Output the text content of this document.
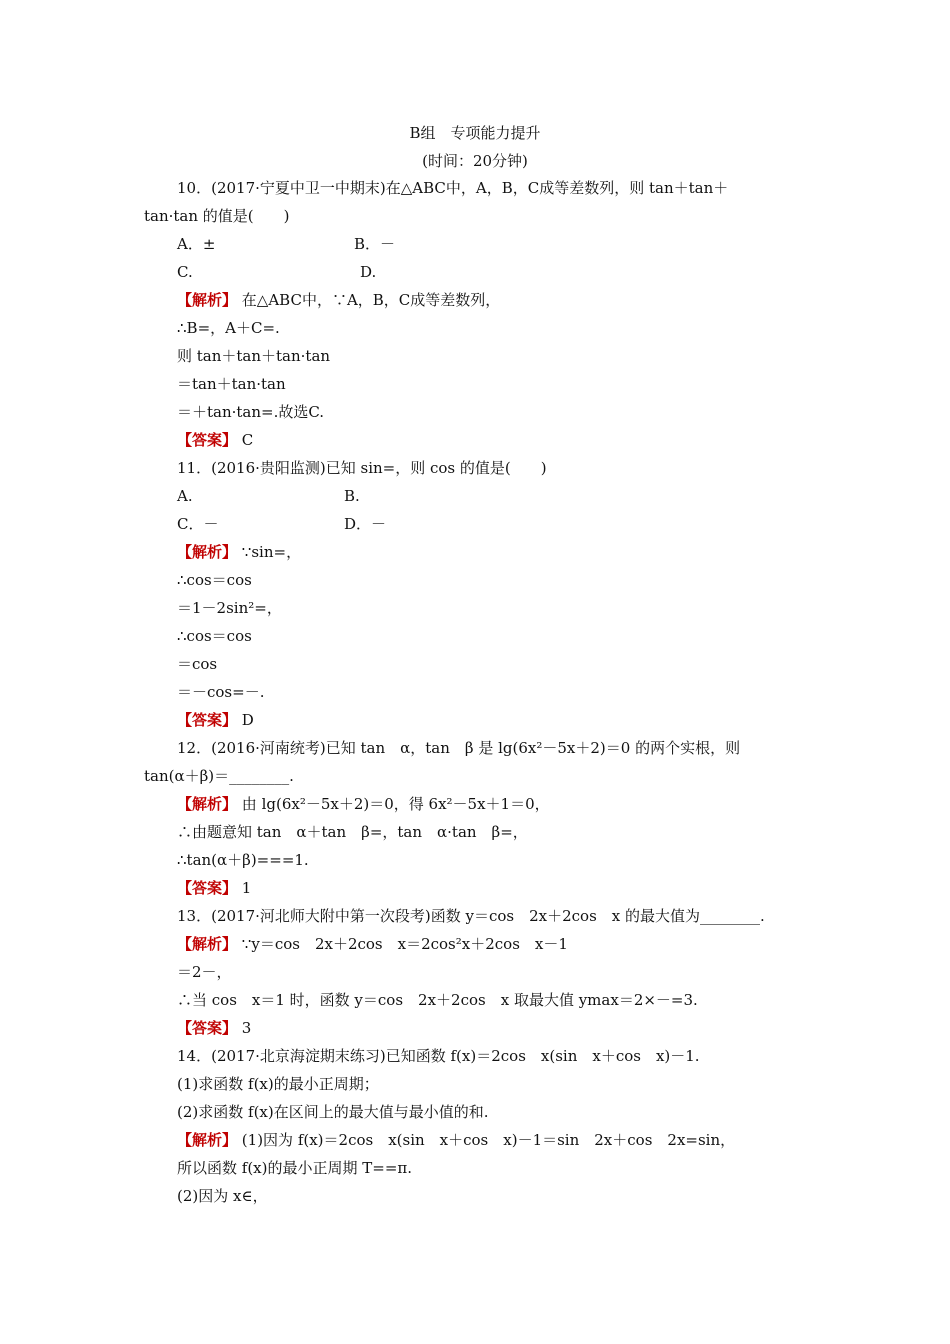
B组　专项能力提升
(时间：20分钟)
10．(2017·宁夏中卫一中期末)在△ABC中，A，B，C成等差数列，则 tan＋tan＋
tan·tan 的值是(　　)
A．±	B．－
C.	D.
【解析】 在△ABC中，∵A，B，C成等差数列，
∴B=，A＋C=.
则 tan＋tan＋tan·tan
＝tan＋tan·tan
＝＋tan·tan=.故选C.
【答案】 C
11．(2016·贵阳监测)已知 sin=，则 cos 的值是(　　)
A.	B.
C．－	D．－
【解析】 ∵sin=，
∴cos＝cos
＝1－2sin²=，
∴cos＝cos
＝cos
＝－cos=－.
【答案】 D
12．(2016·河南统考)已知 tan　α，tan　β 是 lg(6x²－5x＋2)＝0 的两个实根，则
tan(α＋β)＝________.
【解析】 由 lg(6x²－5x＋2)＝0，得 6x²－5x＋1＝0，
∴由题意知 tan　α＋tan　β=，tan　α·tan　β=，
∴tan(α＋β)===1.
【答案】 1
13．(2017·河北师大附中第一次段考)函数 y＝cos　2x＋2cos　x 的最大值为________.
【解析】 ∵y＝cos　2x＋2cos　x＝2cos²x＋2cos　x－1
＝2－，
∴当 cos　x＝1 时，函数 y＝cos　2x＋2cos　x 取最大值 ymax＝2×－=3.
【答案】 3
14．(2017·北京海淀期末练习)已知函数 f(x)＝2cos　x(sin　x＋cos　x)－1.
(1)求函数 f(x)的最小正周期；
(2)求函数 f(x)在区间上的最大值与最小值的和.
【解析】 (1)因为 f(x)＝2cos　x(sin　x＋cos　x)－1＝sin　2x＋cos　2x=sin，
所以函数 f(x)的最小正周期 T==π.
(2)因为 x∈，
